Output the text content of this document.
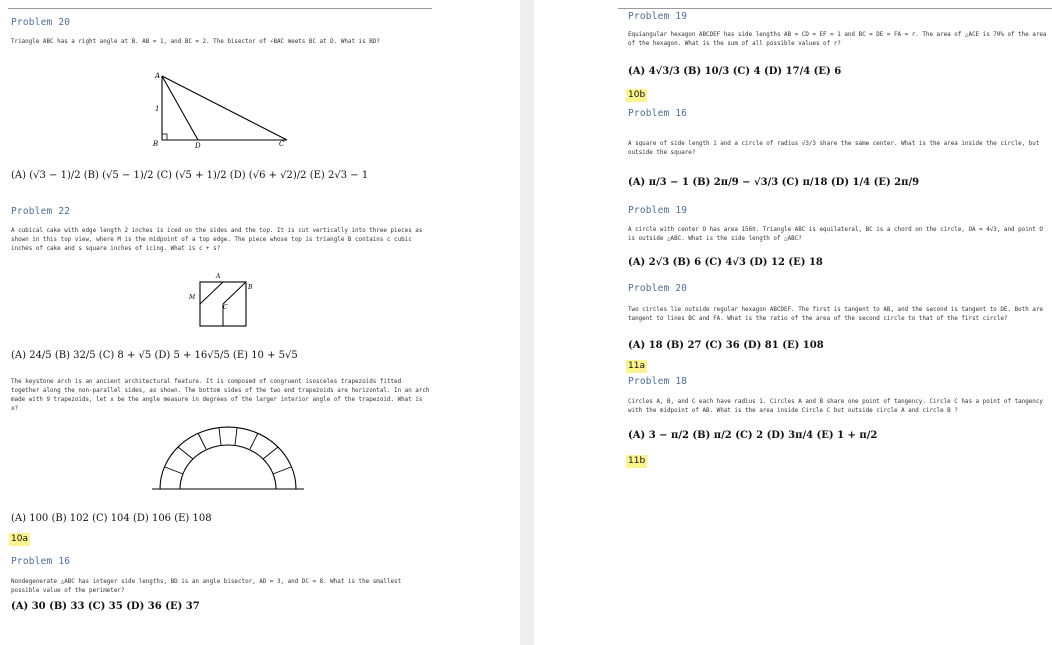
Problem 20
Triangle ABC has a right angle at B. AB = 1, and BC = 2. The bisector of ∠BAC meets BC at D. What is BD?
A
B	D	C
1
(A) (√3 − 1)/2 (B) (√5 − 1)/2 (C) (√5 + 1)/2 (D) (√6 + √2)/2 (E) 2√3 − 1
Problem 22
A cubical cake with edge length 2 inches is iced on the sides and the top. It is cut vertically into three pieces as shown in this top view, where M is the midpoint of a top edge. The piece whose top is triangle B contains c cubic inches of cake and s square inches of icing. What is c + s?
A
B
C
M
(A) 24/5 (B) 32/5 (C) 8 + √5 (D) 5 + 16√5/5 (E) 10 + 5√5
The keystone arch is an ancient architectural feature. It is composed of congruent isosceles trapezoids fitted together along the non-parallel sides, as shown. The bottom sides of the two end trapezoids are horizontal. In an arch made with 9 trapezoids, let x be the angle measure in degrees of the larger interior angle of the trapezoid. What is x?
(A) 100 (B) 102 (C) 104 (D) 106 (E) 108
10a
Problem 16
Nondegenerate △ABC has integer side lengths, BD is an angle bisector, AD = 3, and DC = 8. What is the smallest possible value of the perimeter?
(A) 30 (B) 33 (C) 35 (D) 36 (E) 37
Problem 19
Equiangular hexagon ABCDEF has side lengths AB = CD = EF = 1 and BC = DE = FA = r. The area of △ACE is 70% of the area of the hexagon. What is the sum of all possible values of r?
(A) 4√3/3 (B) 10/3 (C) 4 (D) 17/4 (E) 6
10b
Problem 16
A square of side length 1 and a circle of radius √3/3 share the same center. What is the area inside the circle, but outside the square?
(A) π/3 − 1 (B) 2π/9 − √3/3 (C) π/18 (D) 1/4 (E) 2π/9
Problem 19
A circle with center O has area 156π. Triangle ABC is equilateral, BC is a chord on the circle, OA = 4√3, and point O is outside △ABC. What is the side length of △ABC?
(A) 2√3 (B) 6 (C) 4√3 (D) 12 (E) 18
Problem 20
Two circles lie outside regular hexagon ABCDEF. The first is tangent to AB, and the second is tangent to DE. Both are tangent to lines BC and FA. What is the ratio of the area of the second circle to that of the first circle?
(A) 18 (B) 27 (C) 36 (D) 81 (E) 108
11a
Problem 18
Circles A, B, and C each have radius 1. Circles A and B share one point of tangency. Circle C has a point of tangency with the midpoint of AB. What is the area inside Circle C but outside circle A and circle B ?
(A) 3 − π/2 (B) π/2 (C) 2 (D) 3π/4 (E) 1 + π/2
11b
